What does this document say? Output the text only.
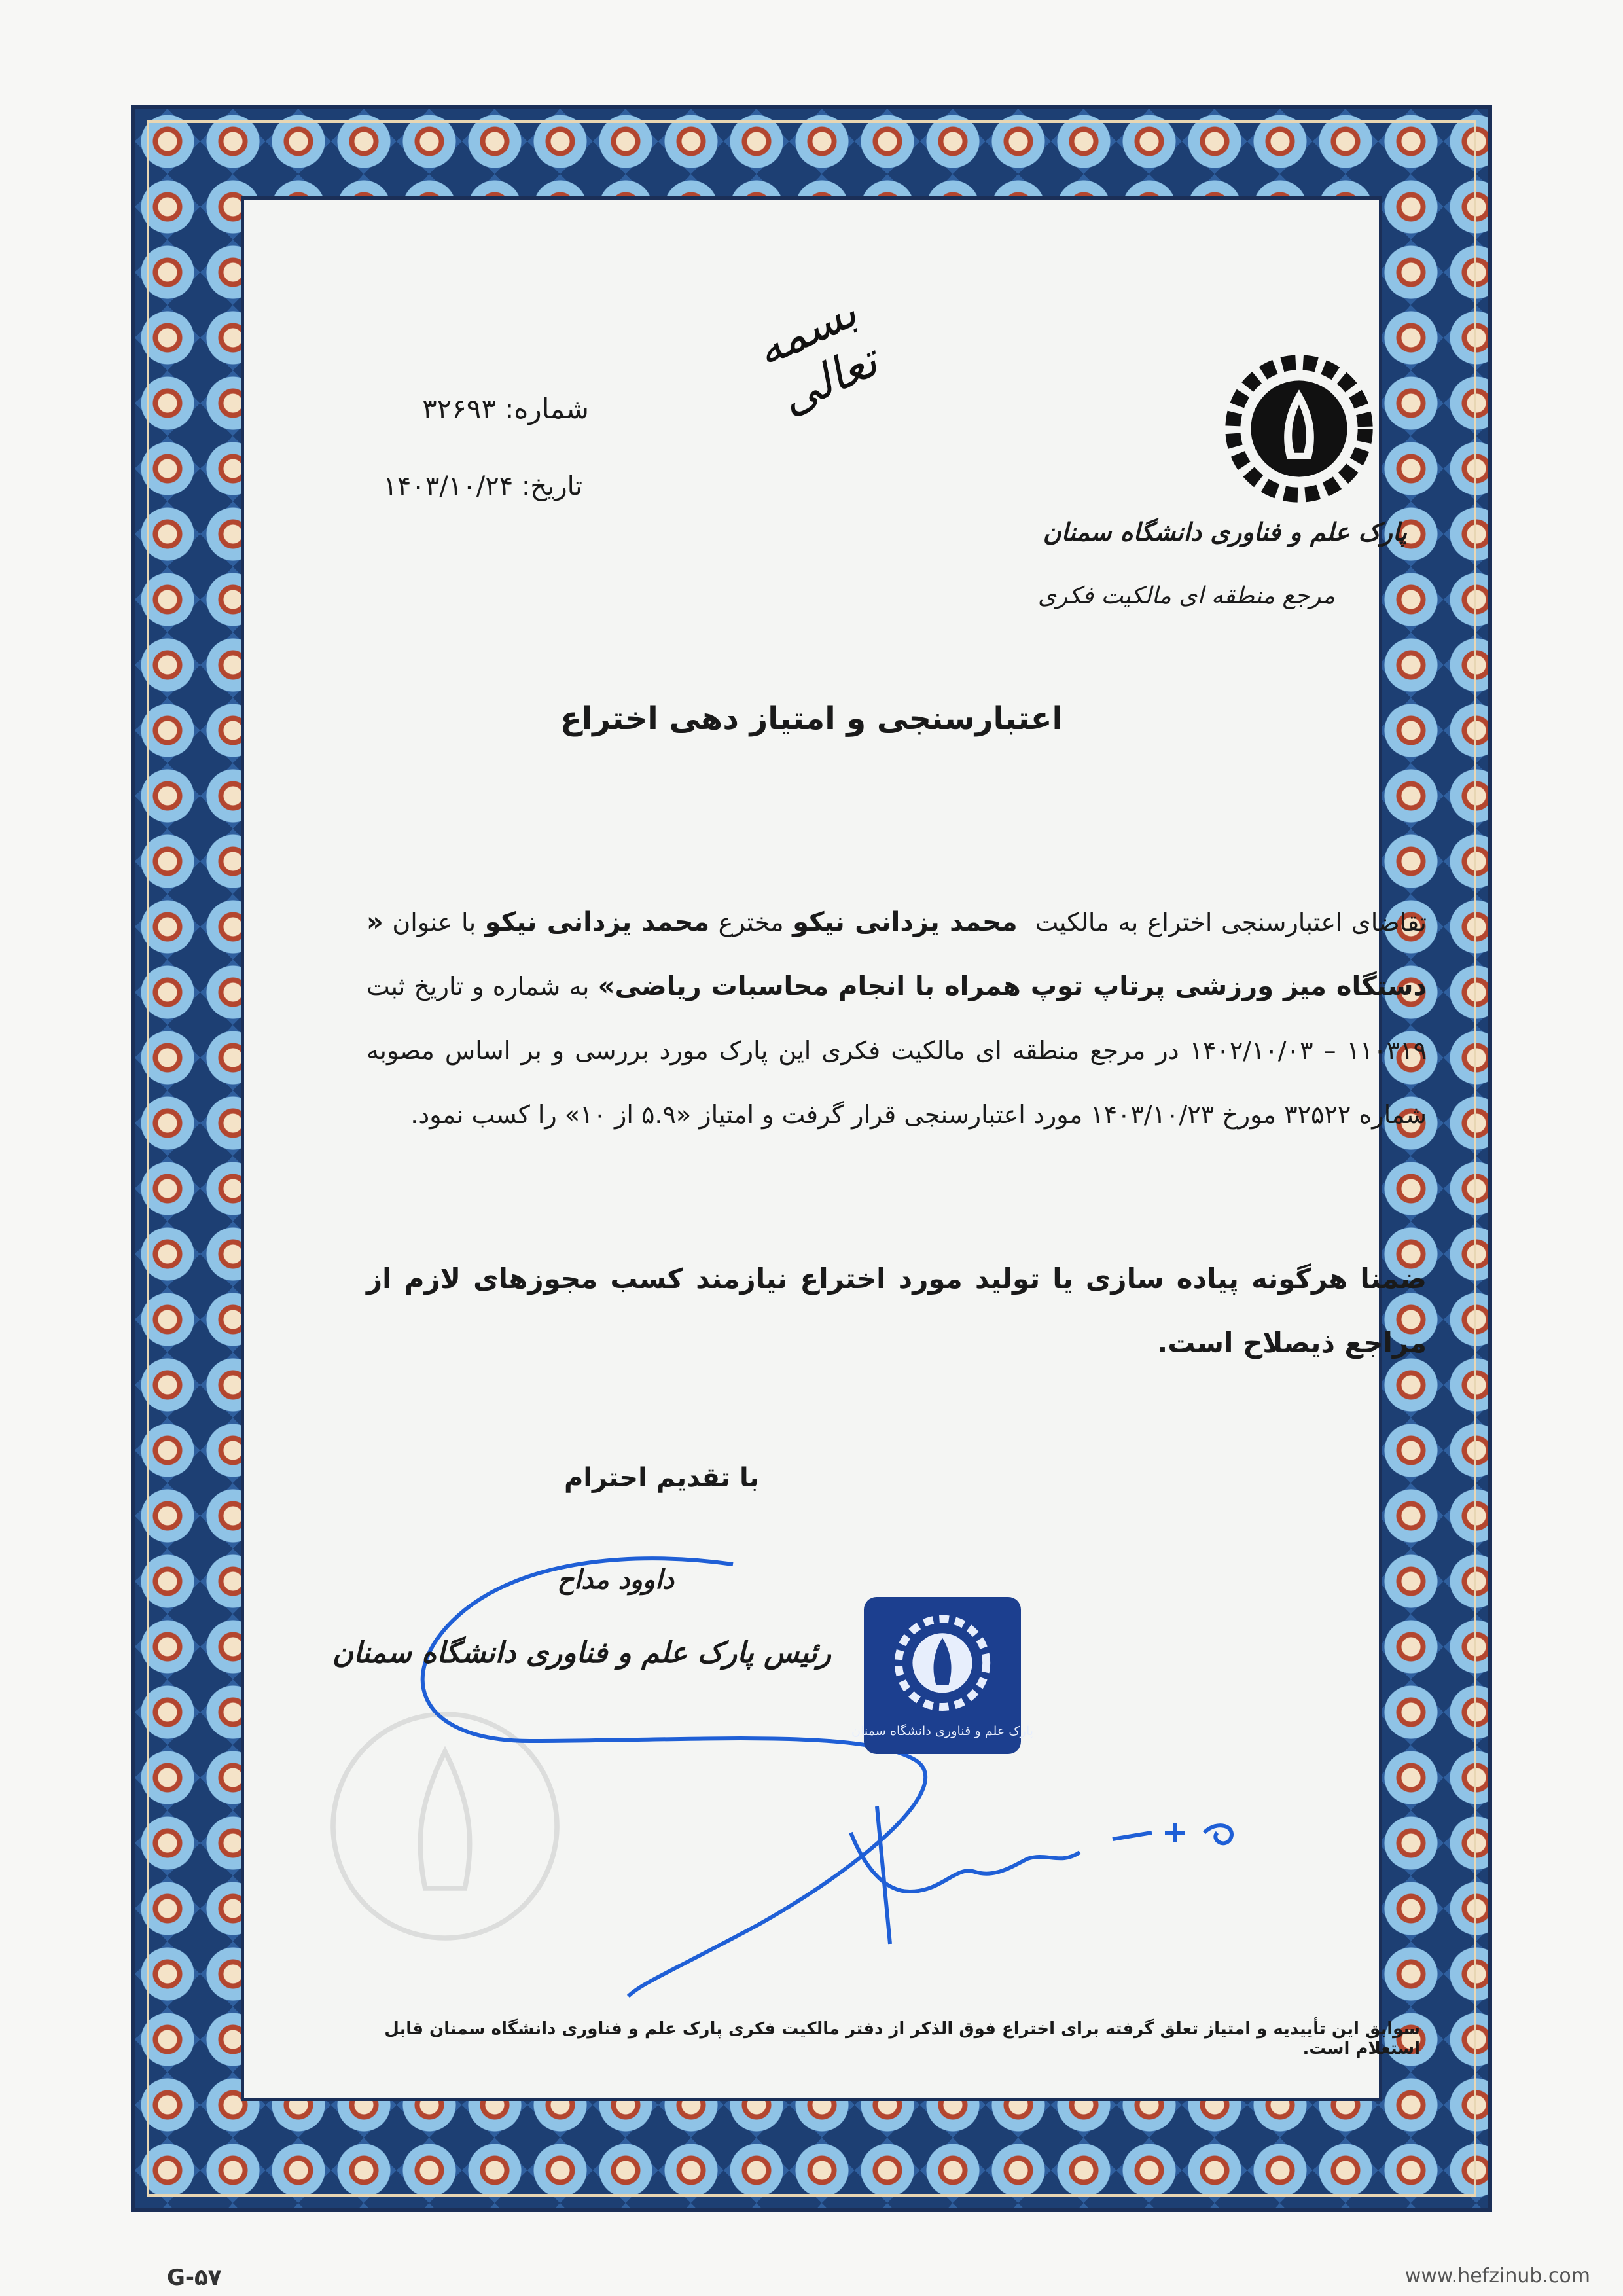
بسمه تعالی
شماره: ۳۲۶۹۳
تاریخ: ۱۴۰۳/۱۰/۲۴
پارک علم و فناوری دانشگاه سمنان
مرجع منطقه ای مالکیت فکری
اعتبارسنجی و امتیاز دهی اختراع
تقاضای اعتبارسنجی اختراع به مالکیت  محمد یزدانی نیکو مخترع محمد یزدانی نیکو با عنوان « دستگاه میز ورزشی پرتاپ توپ همراه با انجام محاسبات ریاضی» به شماره و تاریخ ثبت ۱۱۰۳۱۹ – ۱۴۰۲/۱۰/۰۳ در مرجع منطقه ای مالکیت فکری این پارک مورد بررسی و بر اساس مصوبه شماره ۳۲۵۲۲ مورخ ۱۴۰۳/۱۰/۲۳ مورد اعتبارسنجی قرار گرفت و امتیاز «۵.۹ از ۱۰» را کسب نمود.
ضمنا هرگونه پیاده سازی یا تولید مورد اختراع نیازمند کسب مجوزهای لازم از مراجع ذیصلاح است.
با تقدیم احترام
داوود مداح
رئیس پارک علم و فناوری دانشگاه سمنان
پارک علم و فناوری دانشگاه سمنان
سوابق این تأییدیه و امتیاز تعلق گرفته برای اختراع فوق الذکر از دفتر مالکیت فکری پارک علم و فناوری دانشگاه سمنان قابل استعلام است.
G-۵۷	www.hefzinub.com
